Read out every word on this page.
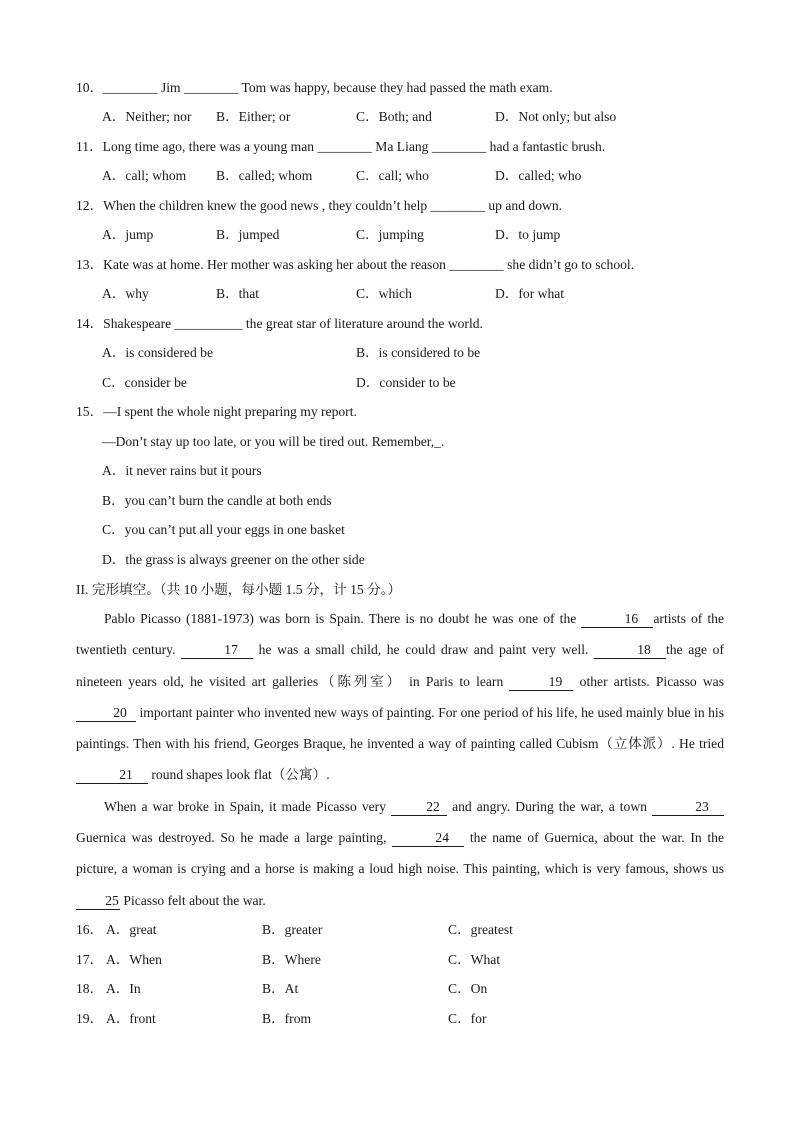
10．________ Jim ________ Tom was happy, because they had passed the math exam.
A．Neither; nor B．Either; or	C．Both; and	D．Not only; but also
11．Long time ago, there was a young man ________ Ma Liang ________ had a fantastic brush.
A．call; whom B．called; whom	C．call; who	D．called; who
12．When the children knew the good news , they couldn’t help ________ up and down.
A．jump	B．jumped	C．jumping	D．to jump
13．Kate was at home. Her mother was asking her about the reason ________ she didn’t go to school.
A．why	B．that	C．which	D．for what
14．Shakespeare __________ the great star of literature around the world.
A．is considered be	B．is considered to be
C．consider be	D．consider to be
15．—I spent the whole night preparing my report.
—Don’t stay up too late, or you will be tired out. Remember,_.
A．it never rains but it pours
B．you can’t burn the candle at both ends
C．you can’t put all your eggs in one basket
D．the grass is always greener on the other side
II. 完形填空。（共 10 小题，每小题 1.5 分，计 15 分。）

Pablo Picasso (1881-1973) was born is Spain. There is no doubt he was one of the	16 artists of the twentieth century.	17 he was a small child, he could draw and paint very well.	18 the age of nineteen years old, he visited art galleries（陈列室） in Paris to learn	19 other artists. Picasso was 20 important painter who invented new ways of painting. For one period of his life, he used mainly blue in his paintings. Then with his friend, Georges Braque, he invented a way of painting called Cubism（立体派）. He tried 21 round shapes look flat（公寓）.

When a war broke in Spain, it made Picasso very	22 and angry. During the war, a town	23 Guernica was destroyed. So he made a large painting,	24 the name of Guernica, about the war. In the picture, a woman is crying and a horse is making a loud high noise. This painting, which is very famous, shows us 25 Picasso felt about the war.

16． A．great	B．greater	C．greatest
17． A．When	B．Where	C．What
18． A．In	B．At	C．On
19． A．front	B．from	C．for
